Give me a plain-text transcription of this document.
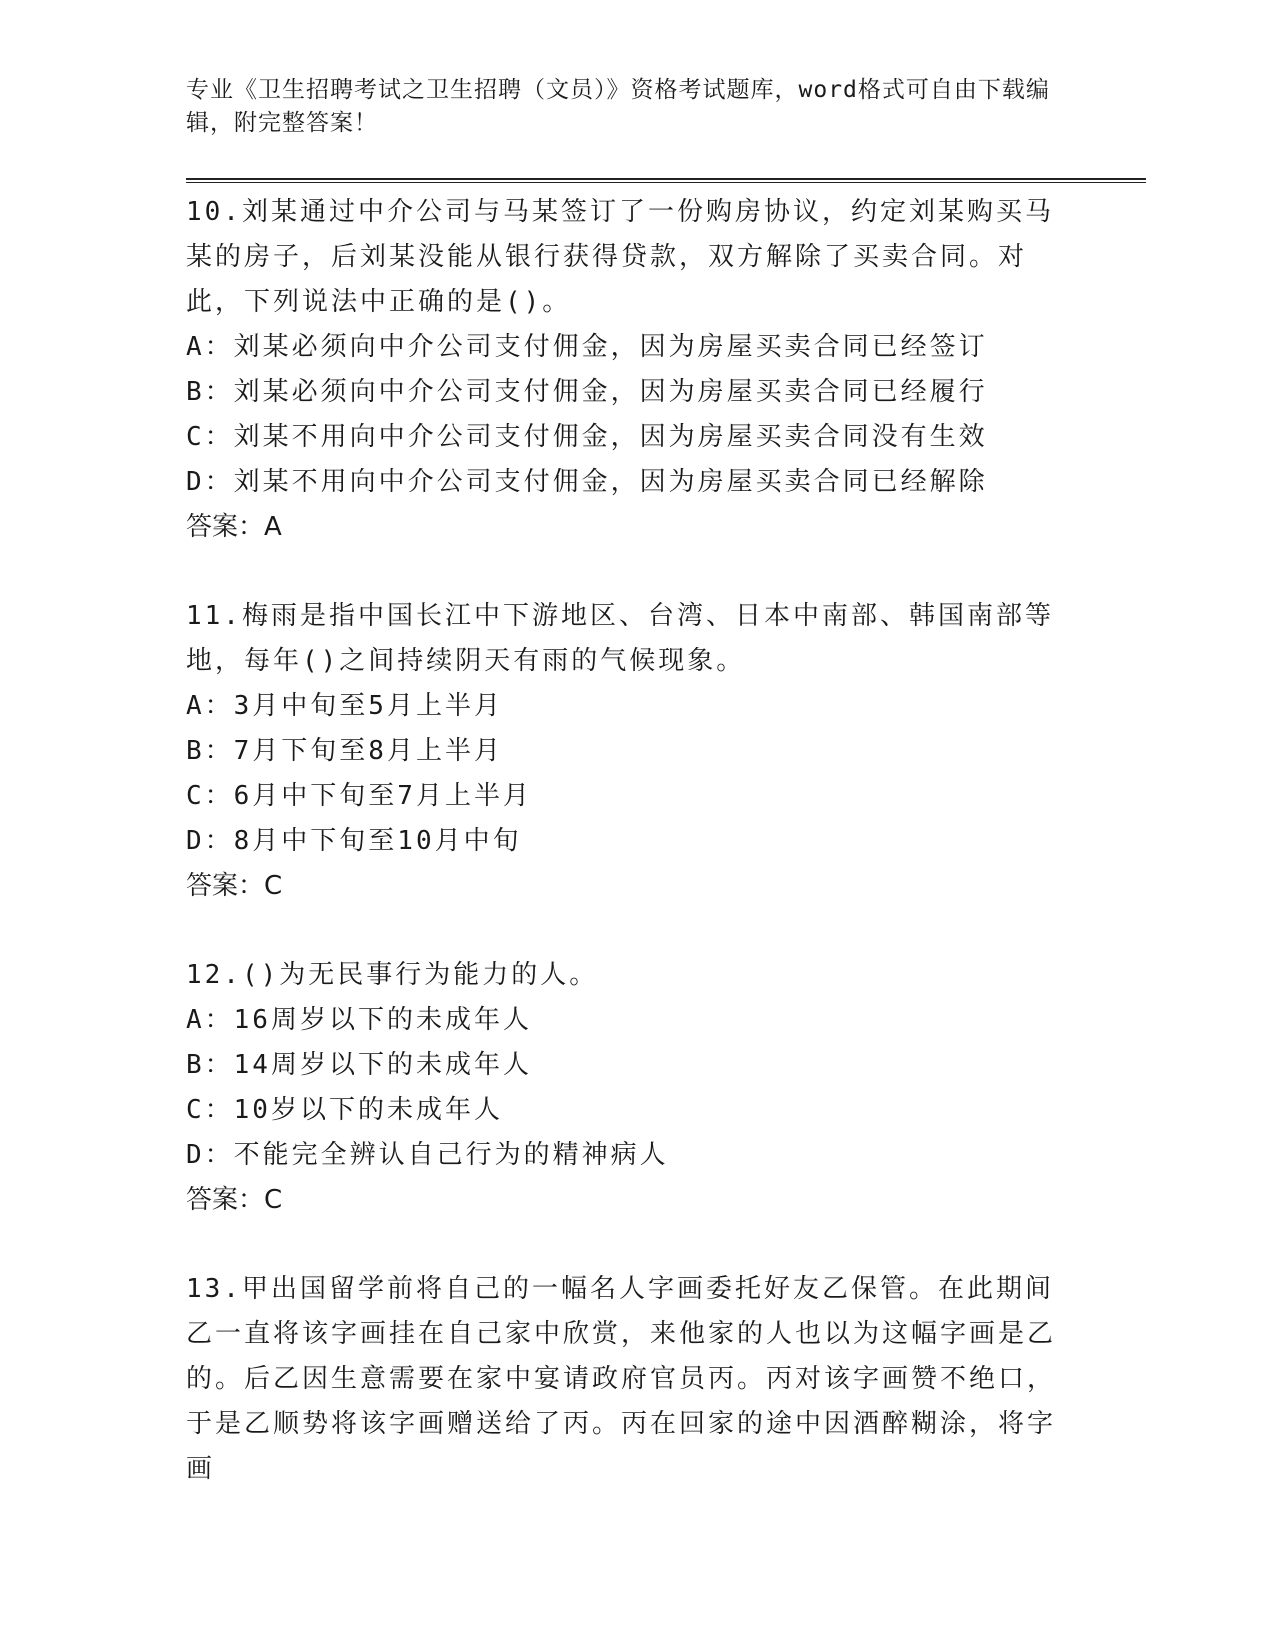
专业《卫生招聘考试之卫生招聘（文员）》资格考试题库，word格式可自由下载编辑，附完整答案！

10.刘某通过中介公司与马某签订了一份购房协议，约定刘某购买马某的房子，后刘某没能从银行获得贷款，双方解除了买卖合同。对此，下列说法中正确的是()。

A：刘某必须向中介公司支付佣金，因为房屋买卖合同已经签订

B：刘某必须向中介公司支付佣金，因为房屋买卖合同已经履行

C：刘某不用向中介公司支付佣金，因为房屋买卖合同没有生效

D：刘某不用向中介公司支付佣金，因为房屋买卖合同已经解除

答案：A

11.梅雨是指中国长江中下游地区、台湾、日本中南部、韩国南部等地，每年()之间持续阴天有雨的气候现象。

A：3月中旬至5月上半月

B：7月下旬至8月上半月

C：6月中下旬至7月上半月

D：8月中下旬至10月中旬

答案：C

12.()为无民事行为能力的人。

A：16周岁以下的未成年人

B：14周岁以下的未成年人

C：10岁以下的未成年人

D：不能完全辨认自己行为的精神病人

答案：C

13.甲出国留学前将自己的一幅名人字画委托好友乙保管。在此期间乙一直将该字画挂在自己家中欣赏，来他家的人也以为这幅字画是乙的。后乙因生意需要在家中宴请政府官员丙。丙对该字画赞不绝口，于是乙顺势将该字画赠送给了丙。丙在回家的途中因酒醉糊涂，将字画
